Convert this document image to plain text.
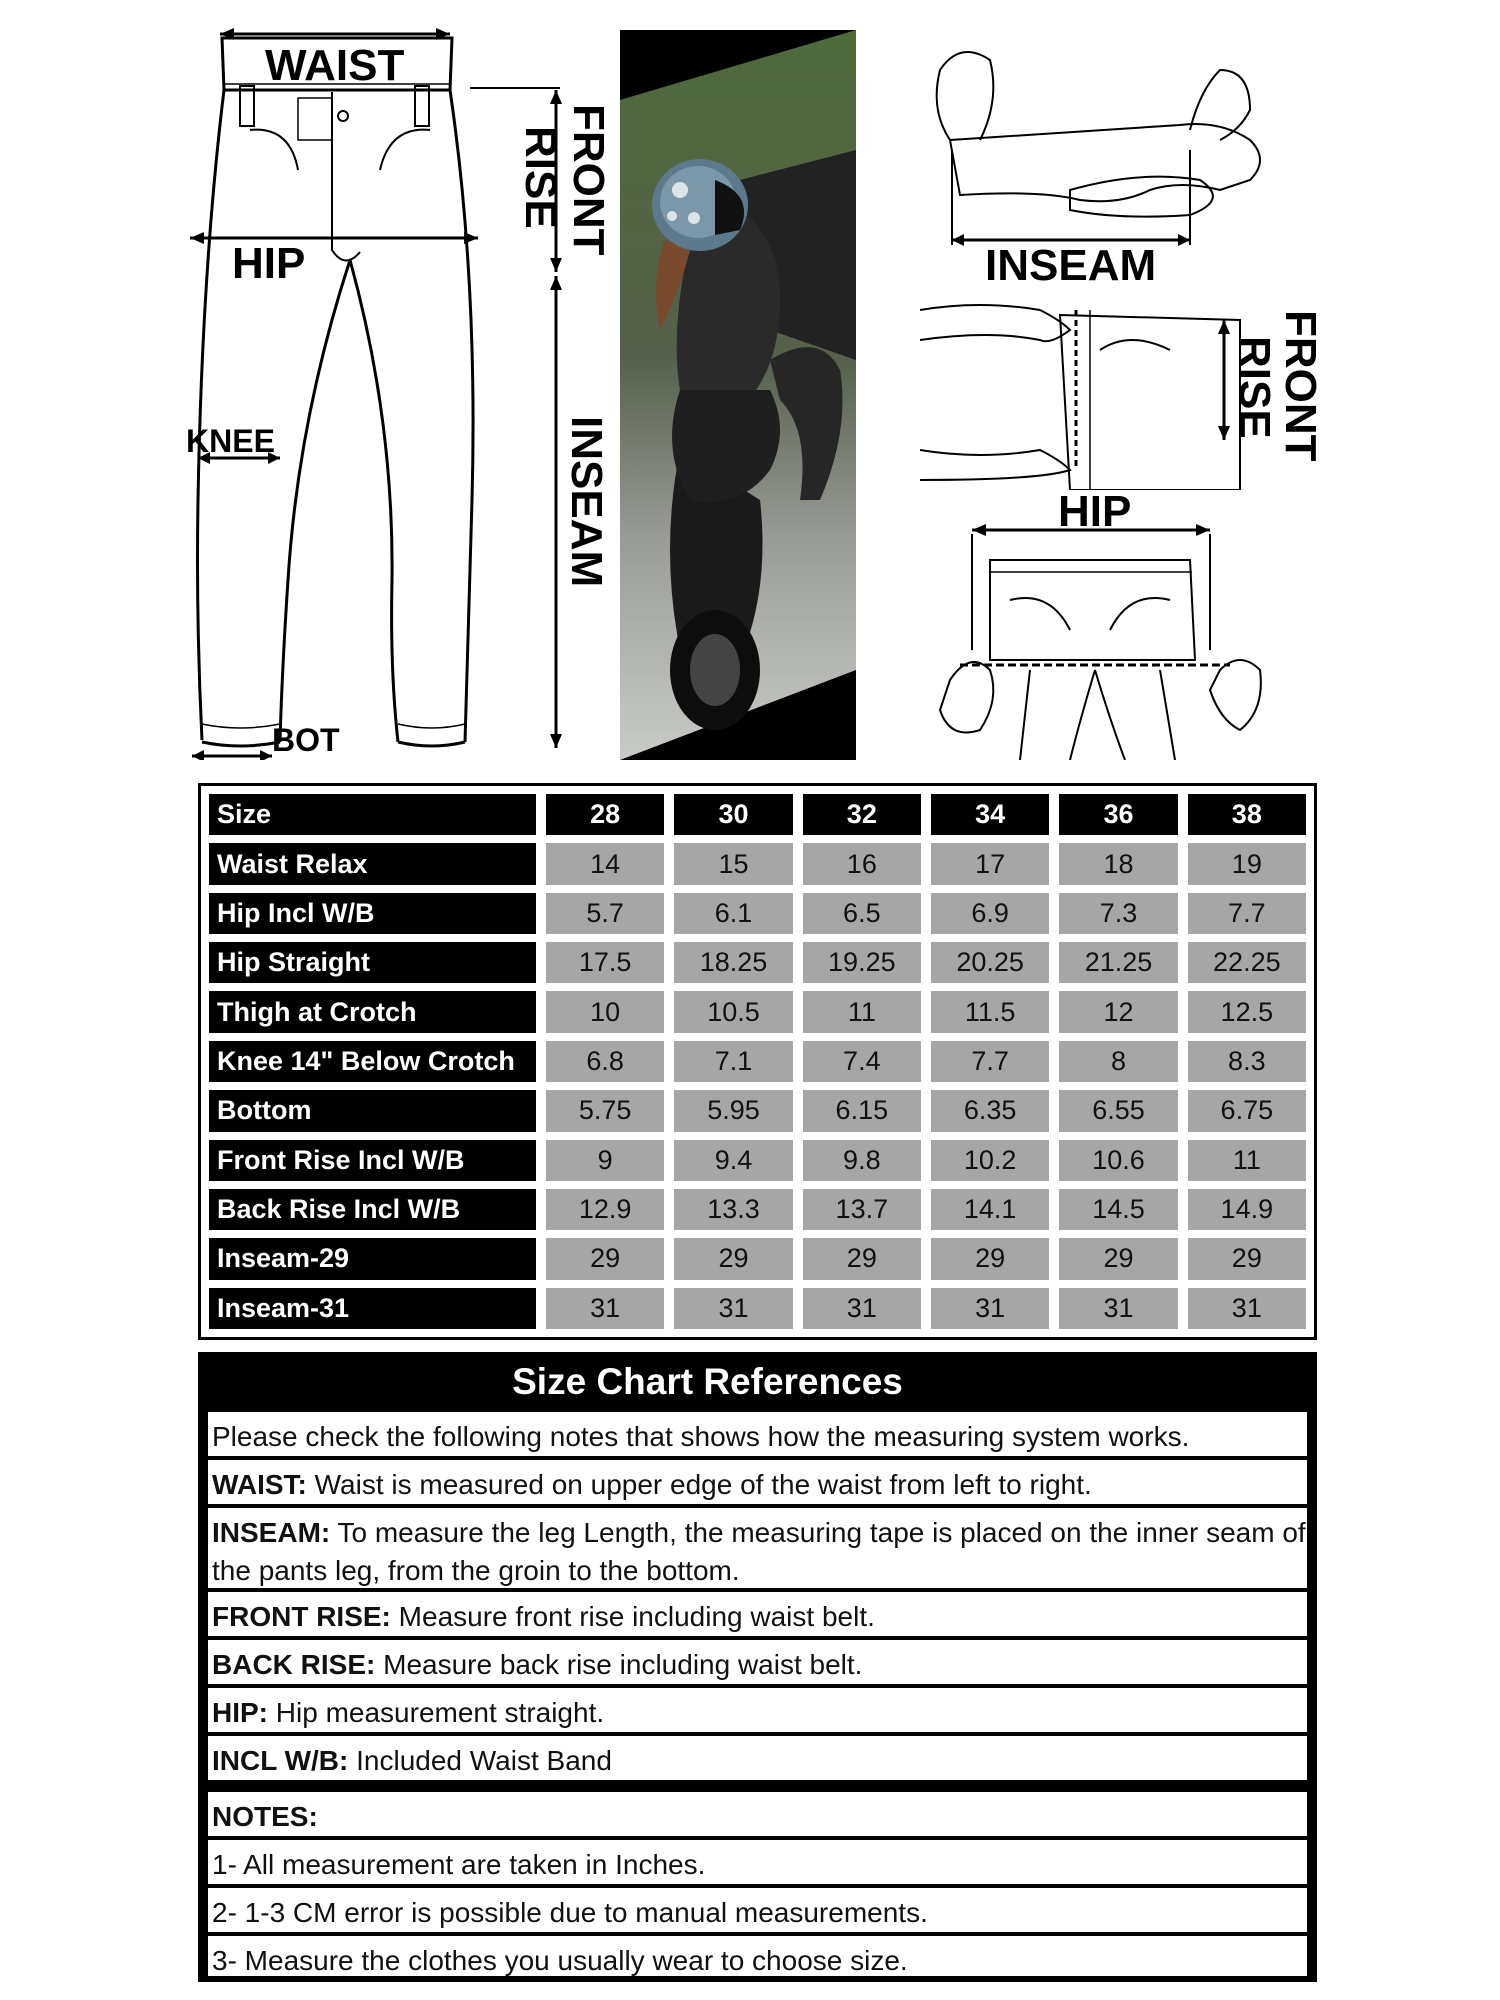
WAIST
HIP
KNEE
BOT
FRONT
RISE
INSEAM
INSEAM
FRONT
RISE
HIP
Size	28	30	32	34	36	38
Waist Relax	14	15	16	17	18	19
Hip Incl W/B	5.7	6.1	6.5	6.9	7.3	7.7
Hip Straight	17.5	18.25	19.25	20.25	21.25	22.25
Thigh at Crotch	10	10.5	11	11.5	12	12.5
Knee 14" Below Crotch	6.8	7.1	7.4	7.7	8	8.3
Bottom	5.75	5.95	6.15	6.35	6.55	6.75
Front Rise Incl W/B	9	9.4	9.8	10.2	10.6	11
Back Rise Incl W/B	12.9	13.3	13.7	14.1	14.5	14.9
Inseam-29	29	29	29	29	29	29
Inseam-31	31	31	31	31	31	31
Size Chart References
Please check the following notes that shows how the measuring system works.
WAIST: Waist is measured on upper edge of the waist from left to right.
INSEAM: To measure the leg Length, the measuring tape is placed on the inner seam of the pants leg, from the groin to the bottom.
FRONT RISE: Measure front rise including waist belt.
BACK RISE: Measure back rise including waist belt.
HIP: Hip measurement straight.
INCL W/B: Included Waist Band
NOTES:
1- All measurement are taken in Inches.
2- 1-3 CM error is possible due to manual measurements.
3- Measure the clothes you usually wear to choose size.
